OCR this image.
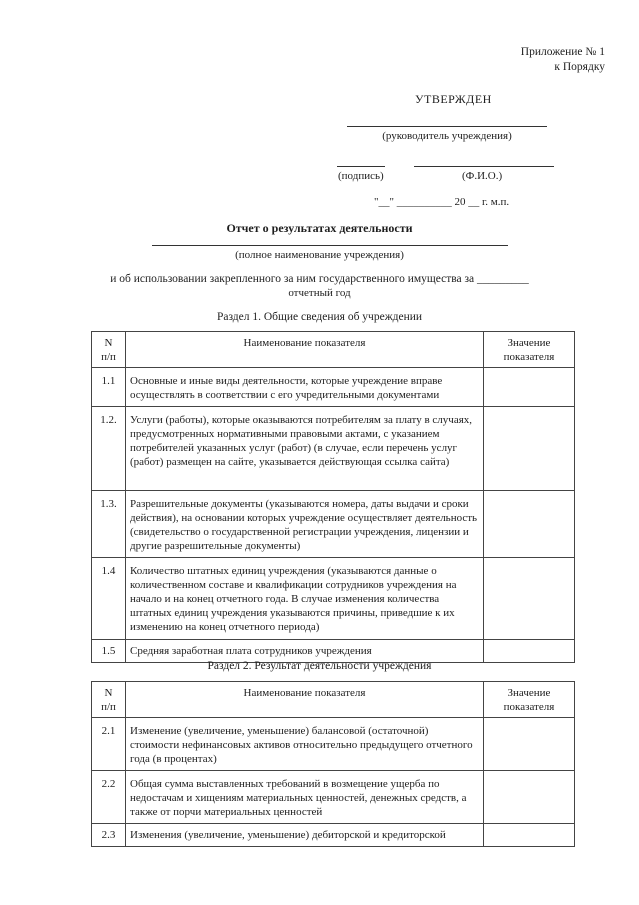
Приложение № 1
к Порядку
УТВЕРЖДЕН
(руководитель учреждения)
(подпись)	(Ф.И.О.)
"__" __________ 20 __ г. м.п.
Отчет о результатах деятельности
(полное наименование учреждения)
и об использовании закрепленного за ним государственного имущества за _________
отчетный год
Раздел 1. Общие сведения об учреждении
N
п/п	Наименование показателя	Значение
показателя
1.1	Основные и иные виды деятельности, которые учреждение вправе осуществлять в соответствии с его учредительными документами	
1.2.	Услуги (работы), которые оказываются потребителям за плату в случаях, предусмотренных нормативными правовыми актами, с указанием потребителей указанных услуг (работ) (в случае, если перечень услуг (работ) размещен на сайте, указывается действующая ссылка сайта)	
1.3.	Разрешительные документы (указываются номера, даты выдачи и сроки действия), на основании которых учреждение осуществляет деятельность (свидетельство о государственной регистрации учреждения, лицензии и другие разрешительные документы)	
1.4	Количество штатных единиц учреждения (указываются данные о количественном составе и квалификации сотрудников учреждения на начало и на конец отчетного года. В случае изменения количества штатных единиц учреждения указываются причины, приведшие к их изменению на конец отчетного периода)	
1.5	Средняя заработная плата сотрудников учреждения	
Раздел 2. Результат деятельности учреждения
N
п/п	Наименование показателя	Значение
показателя
2.1	Изменение (увеличение, уменьшение) балансовой (остаточной) стоимости нефинансовых активов относительно предыдущего отчетного года (в процентах)	
2.2	Общая сумма выставленных требований в возмещение ущерба по недостачам и хищениям материальных ценностей, денежных средств, а также от порчи материальных ценностей	
2.3	Изменения (увеличение, уменьшение) дебиторской и кредиторской	
